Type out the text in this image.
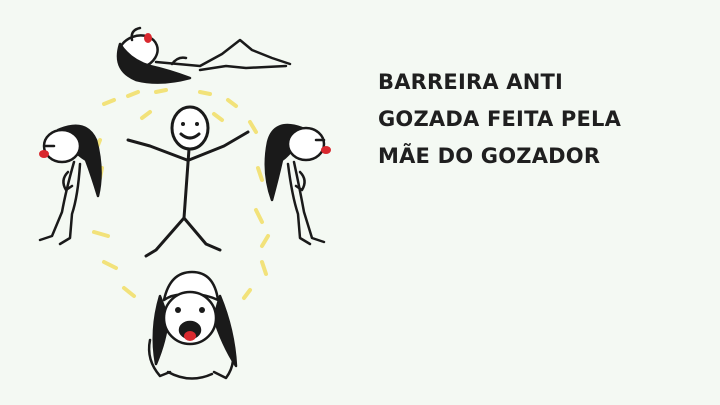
BARREIRA ANTI
GOZADA FEITA PELA
MÃE DO GOZADOR
